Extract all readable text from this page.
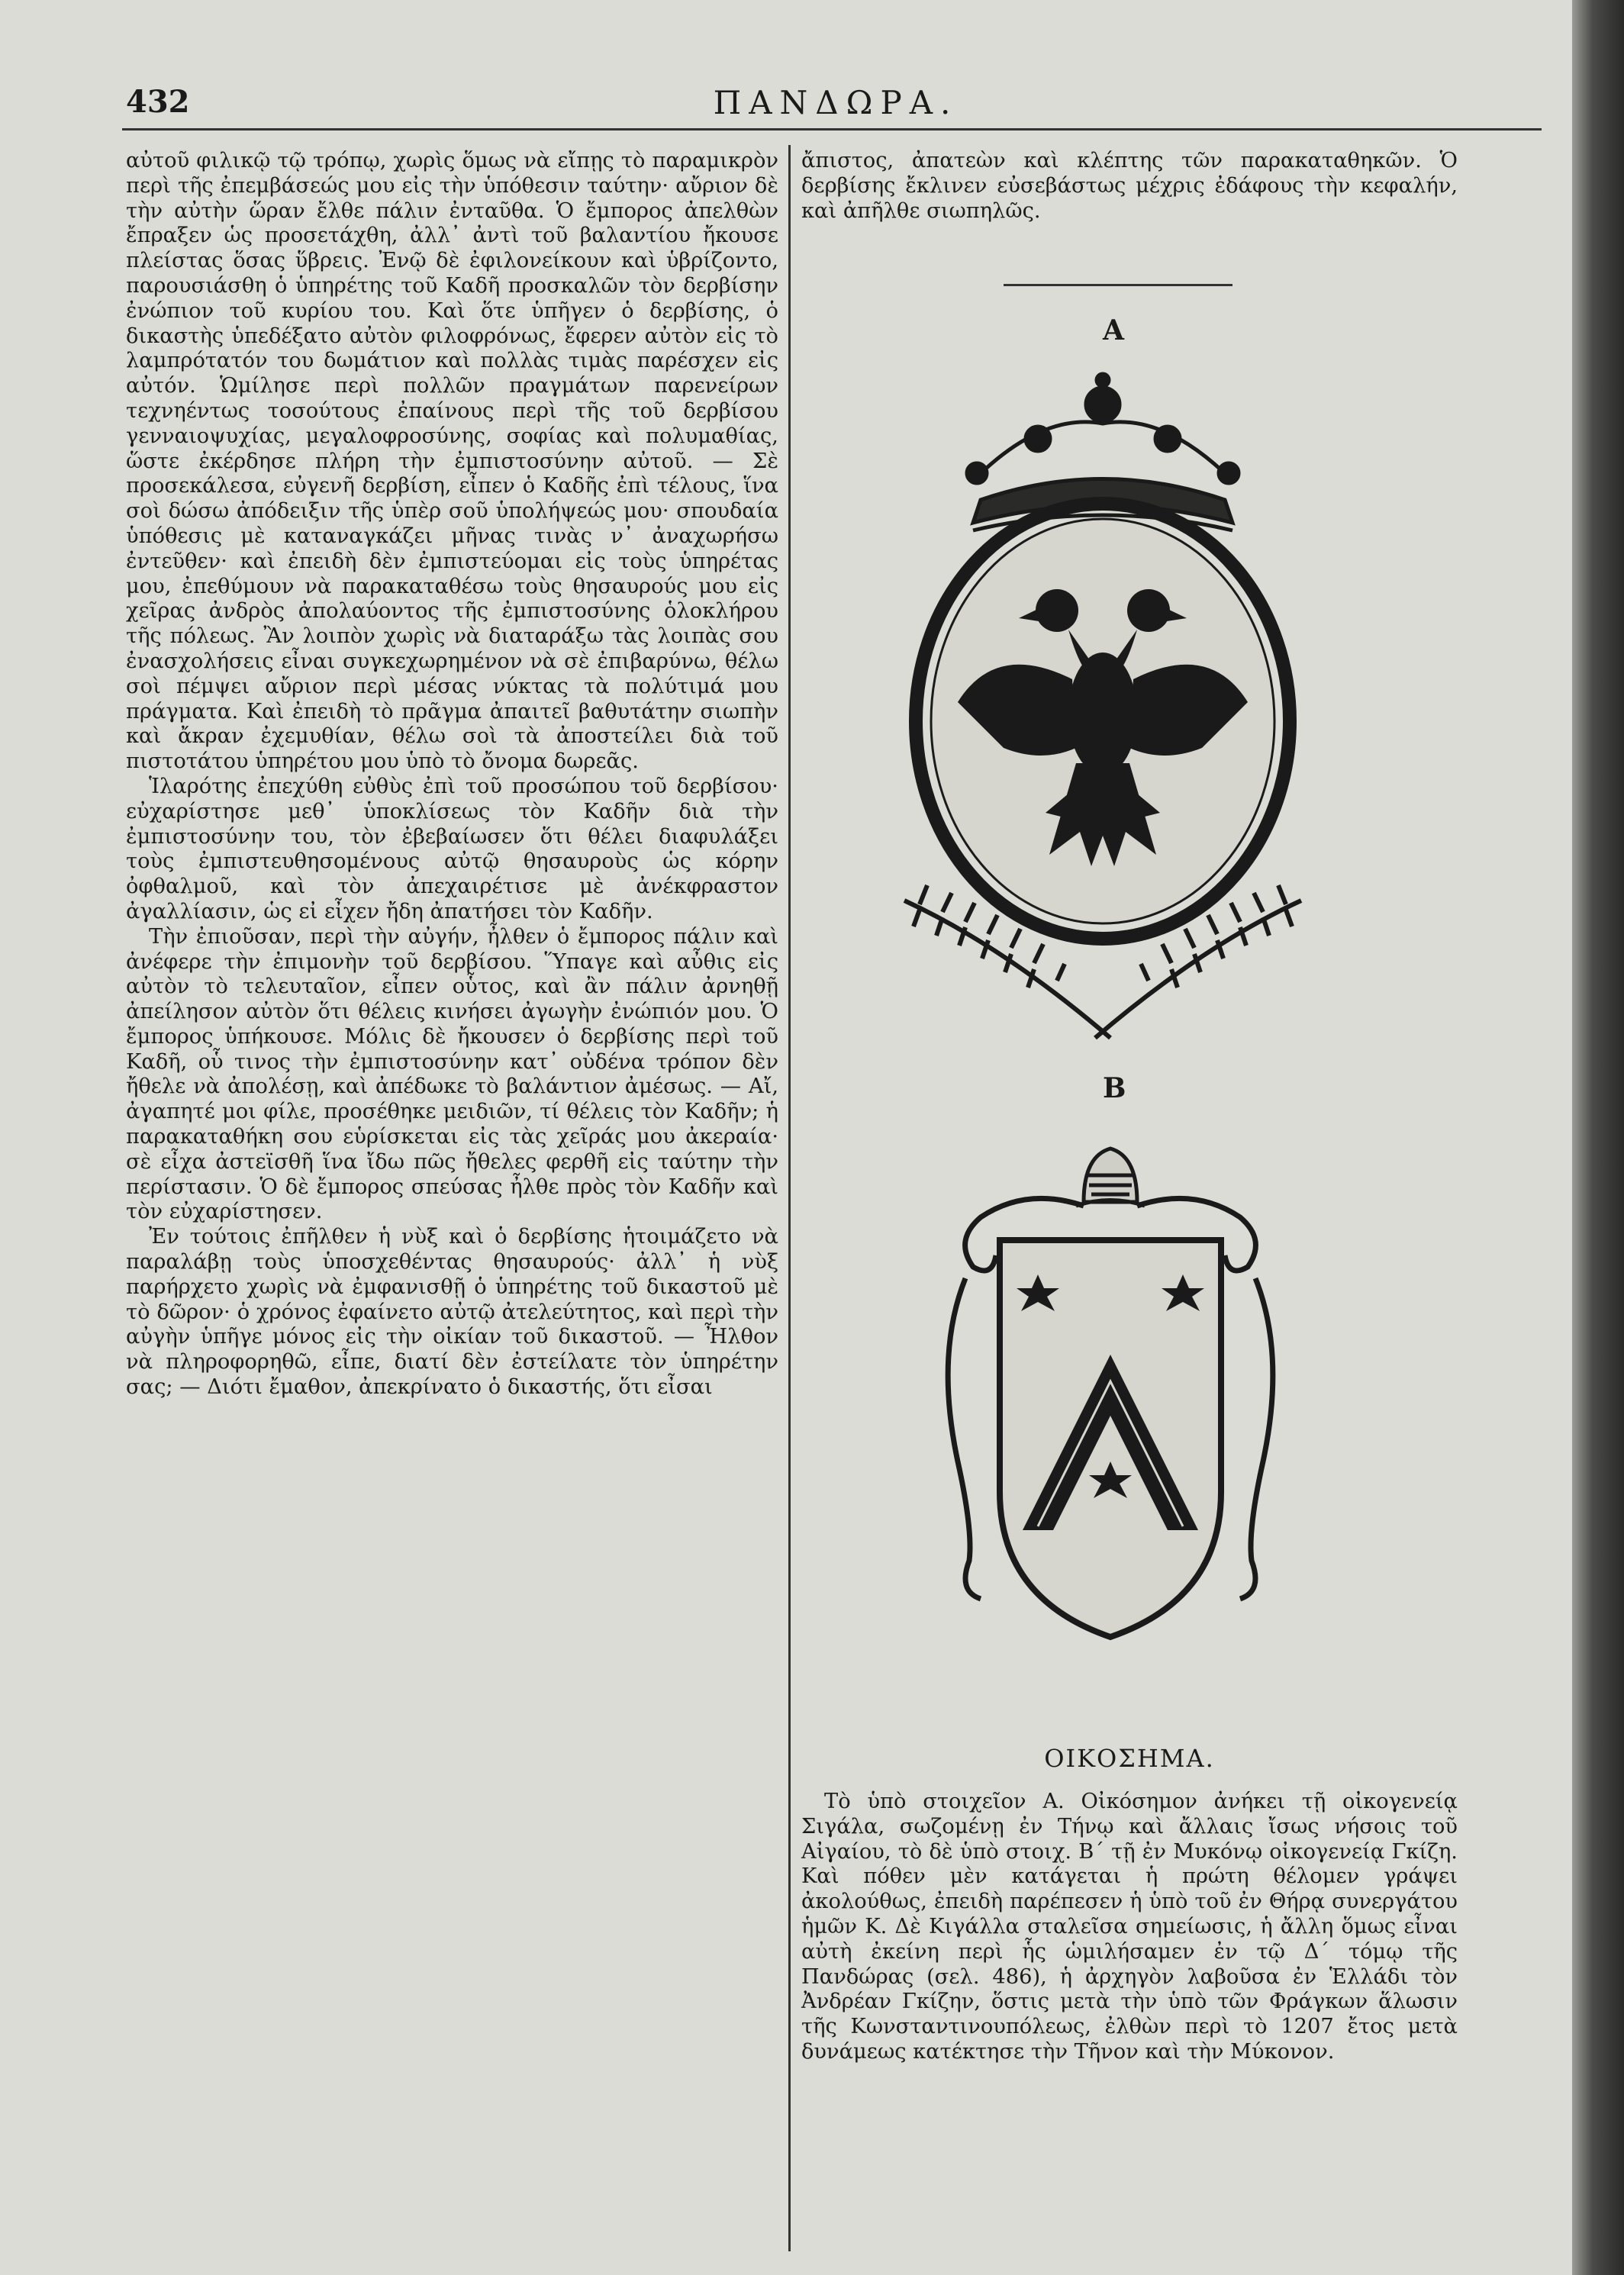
432	ΠΑΝΔΩΡΑ.

αὐτοῦ φιλικῷ τῷ τρόπῳ, χωρὶς ὅμως νὰ εἴπῃς τὸ παραμικρὸν περὶ τῆς ἐπεμβάσεώς μου εἰς τὴν ὑπόθεσιν ταύτην· αὔριον δὲ τὴν αὐτὴν ὥραν ἔλθε πάλιν ἐνταῦθα. Ὁ ἔμπορος ἀπελθὼν ἔπραξεν ὡς προσετάχθη, ἀλλ᾽ ἀντὶ τοῦ βαλαντίου ἤκουσε πλείστας ὅσας ὕβρεις. Ἐνῷ δὲ ἐφιλονείκουν καὶ ὑβρίζοντο, παρουσιάσθη ὁ ὑπηρέτης τοῦ Καδῆ προσκαλῶν τὸν δερβίσην ἐνώπιον τοῦ κυρίου του. Καὶ ὅτε ὑπῆγεν ὁ δερβίσης, ὁ δικαστὴς ὑπεδέξατο αὐτὸν φιλοφρόνως, ἔφερεν αὐτὸν εἰς τὸ λαμπρότατόν του δωμάτιον καὶ πολλὰς τιμὰς παρέσχεν εἰς αὐτόν. Ὡμίλησε περὶ πολλῶν πραγμάτων παρενείρων τεχνηέντως τοσούτους ἐπαίνους περὶ τῆς τοῦ δερβίσου γενναιοψυχίας, μεγαλοφροσύνης, σοφίας καὶ πολυμαθίας, ὥστε ἐκέρδησε πλήρη τὴν ἐμπιστοσύνην αὐτοῦ. — Σὲ προσεκάλεσα, εὐγενῆ δερβίση, εἶπεν ὁ Καδῆς ἐπὶ τέλους, ἵνα σοὶ δώσω ἀπόδειξιν τῆς ὑπὲρ σοῦ ὑπολήψεώς μου· σπουδαία ὑπόθεσις μὲ καταναγκάζει μῆνας τινὰς ν᾽ ἀναχωρήσω ἐντεῦθεν· καὶ ἐπειδὴ δὲν ἐμπιστεύομαι εἰς τοὺς ὑπηρέτας μου, ἐπεθύμουν νὰ παρακαταθέσω τοὺς θησαυρούς μου εἰς χεῖρας ἀνδρὸς ἀπολαύοντος τῆς ἐμπιστοσύνης ὁλοκλήρου τῆς πόλεως. Ἂν λοιπὸν χωρὶς νὰ διαταράξω τὰς λοιπὰς σου ἐνασχολήσεις εἶναι συγκεχωρημένον νὰ σὲ ἐπιβαρύνω, θέλω σοὶ πέμψει αὔριον περὶ μέσας νύκτας τὰ πολύτιμά μου πράγματα. Καὶ ἐπειδὴ τὸ πρᾶγμα ἀπαιτεῖ βαθυτάτην σιωπὴν καὶ ἄκραν ἐχεμυθίαν, θέλω σοὶ τὰ ἀποστείλει διὰ τοῦ πιστοτάτου ὑπηρέτου μου ὑπὸ τὸ ὄνομα δωρεᾶς.

Ἱλαρότης ἐπεχύθη εὐθὺς ἐπὶ τοῦ προσώπου τοῦ δερβίσου· εὐχαρίστησε μεθ᾽ ὑποκλίσεως τὸν Καδῆν διὰ τὴν ἐμπιστοσύνην του, τὸν ἐβεβαίωσεν ὅτι θέλει διαφυλάξει τοὺς ἐμπιστευθησομένους αὐτῷ θησαυροὺς ὡς κόρην ὀφθαλμοῦ, καὶ τὸν ἀπεχαιρέτισε μὲ ἀνέκφραστον ἀγαλλίασιν, ὡς εἰ εἶχεν ἤδη ἀπατήσει τὸν Καδῆν.

Τὴν ἐπιοῦσαν, περὶ τὴν αὐγήν, ἦλθεν ὁ ἔμπορος πάλιν καὶ ἀνέφερε τὴν ἐπιμονὴν τοῦ δερβίσου. Ὕπαγε καὶ αὖθις εἰς αὐτὸν τὸ τελευταῖον, εἶπεν οὗτος, καὶ ἂν πάλιν ἀρνηθῇ ἀπείλησον αὐτὸν ὅτι θέλεις κινήσει ἀγωγὴν ἐνώπιόν μου. Ὁ ἔμπορος ὑπήκουσε. Μόλις δὲ ἤκουσεν ὁ δερβίσης περὶ τοῦ Καδῆ, οὗ τινος τὴν ἐμπιστοσύνην κατ᾽ οὐδένα τρόπον δὲν ἤθελε νὰ ἀπολέσῃ, καὶ ἀπέδωκε τὸ βαλάντιον ἀμέσως. — Αἴ, ἀγαπητέ μοι φίλε, προσέθηκε μειδιῶν, τί θέλεις τὸν Καδῆν; ἡ παρακαταθήκη σου εὑρίσκεται εἰς τὰς χεῖράς μου ἀκεραία· σὲ εἶχα ἀστεϊσθῆ ἵνα ἴδω πῶς ἤθελες φερθῆ εἰς ταύτην τὴν περίστασιν. Ὁ δὲ ἔμπορος σπεύσας ἦλθε πρὸς τὸν Καδῆν καὶ τὸν εὐχαρίστησεν.

Ἐν τούτοις ἐπῆλθεν ἡ νὺξ καὶ ὁ δερβίσης ἡτοιμάζετο νὰ παραλάβῃ τοὺς ὑποσχεθέντας θησαυρούς· ἀλλ᾽ ἡ νὺξ παρήρχετο χωρὶς νὰ ἐμφανισθῇ ὁ ὑπηρέτης τοῦ δικαστοῦ μὲ τὸ δῶρον· ὁ χρόνος ἐφαίνετο αὐτῷ ἀτελεύτητος, καὶ περὶ τὴν αὐγὴν ὑπῆγε μόνος εἰς τὴν οἰκίαν τοῦ δικαστοῦ. — Ἦλθον νὰ πληροφορηθῶ, εἶπε, διατί δὲν ἐστείλατε τὸν ὑπηρέτην σας; — Διότι ἔμαθον, ἀπεκρίνατο ὁ δικαστής, ὅτι εἶσαι

ἄπιστος, ἀπατεὼν καὶ κλέπτης τῶν παρακαταθηκῶν. Ὁ δερβίσης ἔκλινεν εὐσεβάστως μέχρις ἐδάφους τὴν κεφαλήν, καὶ ἀπῆλθε σιωπηλῶς.
Α
Β
ΟΙΚΟΣΗΜΑ.
Τὸ ὑπὸ στοιχεῖον Α. Οἰκόσημον ἀνήκει τῇ οἰκογενείᾳ Σιγάλα, σωζομένῃ ἐν Τήνῳ καὶ ἄλλαις ἴσως νήσοις τοῦ Αἰγαίου, τὸ δὲ ὑπὸ στοιχ. Β΄ τῇ ἐν Μυκόνῳ οἰκογενείᾳ Γκίζη. Καὶ πόθεν μὲν κατάγεται ἡ πρώτη θέλομεν γράψει ἀκολούθως, ἐπειδὴ παρέπεσεν ἡ ὑπὸ τοῦ ἐν Θήρᾳ συνεργάτου ἡμῶν Κ. Δὲ Κιγάλλα σταλεῖσα σημείωσις, ἡ ἄλλη ὅμως εἶναι αὐτὴ ἐκείνη περὶ ἧς ὡμιλήσαμεν ἐν τῷ Δ΄ τόμῳ τῆς Πανδώρας (σελ. 486), ἡ ἀρχηγὸν λαβοῦσα ἐν Ἑλλάδι τὸν Ἀνδρέαν Γκίζην, ὅστις μετὰ τὴν ὑπὸ τῶν Φράγκων ἅλωσιν τῆς Κωνσταντινουπόλεως, ἐλθὼν περὶ τὸ 1207 ἔτος μετὰ δυνάμεως κατέκτησε τὴν Τῆνον καὶ τὴν Μύκονον.
